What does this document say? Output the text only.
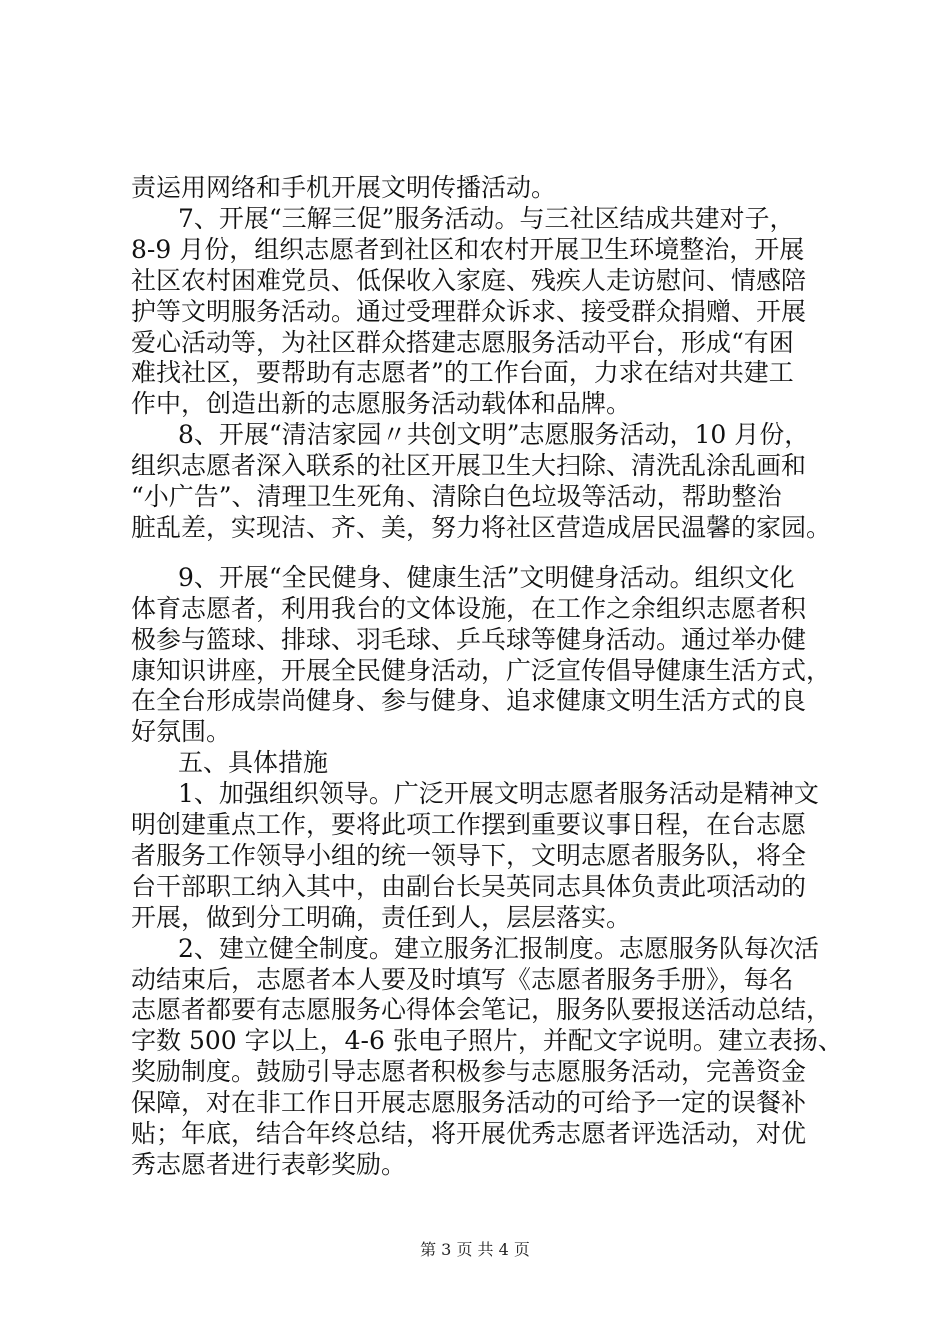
责运用网络和手机开展文明传播活动。
7、开展“三解三促”服务活动。与三社区结成共建对子，
8-9 月份，组织志愿者到社区和农村开展卫生环境整治，开展
社区农村困难党员、低保收入家庭、残疾人走访慰问、情感陪
护等文明服务活动。通过受理群众诉求、接受群众捐赠、开展
爱心活动等，为社区群众搭建志愿服务活动平台，形成“有困
难找社区，要帮助有志愿者”的工作台面，力求在结对共建工
作中，创造出新的志愿服务活动载体和品牌。
8、开展“清洁家园〃共创文明”志愿服务活动，10 月份，
组织志愿者深入联系的社区开展卫生大扫除、清洗乱涂乱画和
“小广告”、清理卫生死角、清除白色垃圾等活动，帮助整治
脏乱差，实现洁、齐、美，努力将社区营造成居民温馨的家园。
9、开展“全民健身、健康生活”文明健身活动。组织文化
体育志愿者，利用我台的文体设施，在工作之余组织志愿者积
极参与篮球、排球、羽毛球、乒乓球等健身活动。通过举办健
康知识讲座，开展全民健身活动，广泛宣传倡导健康生活方式，
在全台形成崇尚健身、参与健身、追求健康文明生活方式的良
好氛围。
五、具体措施
1、加强组织领导。广泛开展文明志愿者服务活动是精神文
明创建重点工作，要将此项工作摆到重要议事日程，在台志愿
者服务工作领导小组的统一领导下，文明志愿者服务队，将全
台干部职工纳入其中，由副台长吴英同志具体负责此项活动的
开展，做到分工明确，责任到人，层层落实。
2、建立健全制度。建立服务汇报制度。志愿服务队每次活
动结束后，志愿者本人要及时填写《志愿者服务手册》，每名
志愿者都要有志愿服务心得体会笔记，服务队要报送活动总结，
字数 500 字以上，4-6 张电子照片，并配文字说明。建立表扬、
奖励制度。鼓励引导志愿者积极参与志愿服务活动，完善资金
保障，对在非工作日开展志愿服务活动的可给予一定的误餐补
贴；年底，结合年终总结，将开展优秀志愿者评选活动，对优
秀志愿者进行表彰奖励。
第 3 页 共 4 页
